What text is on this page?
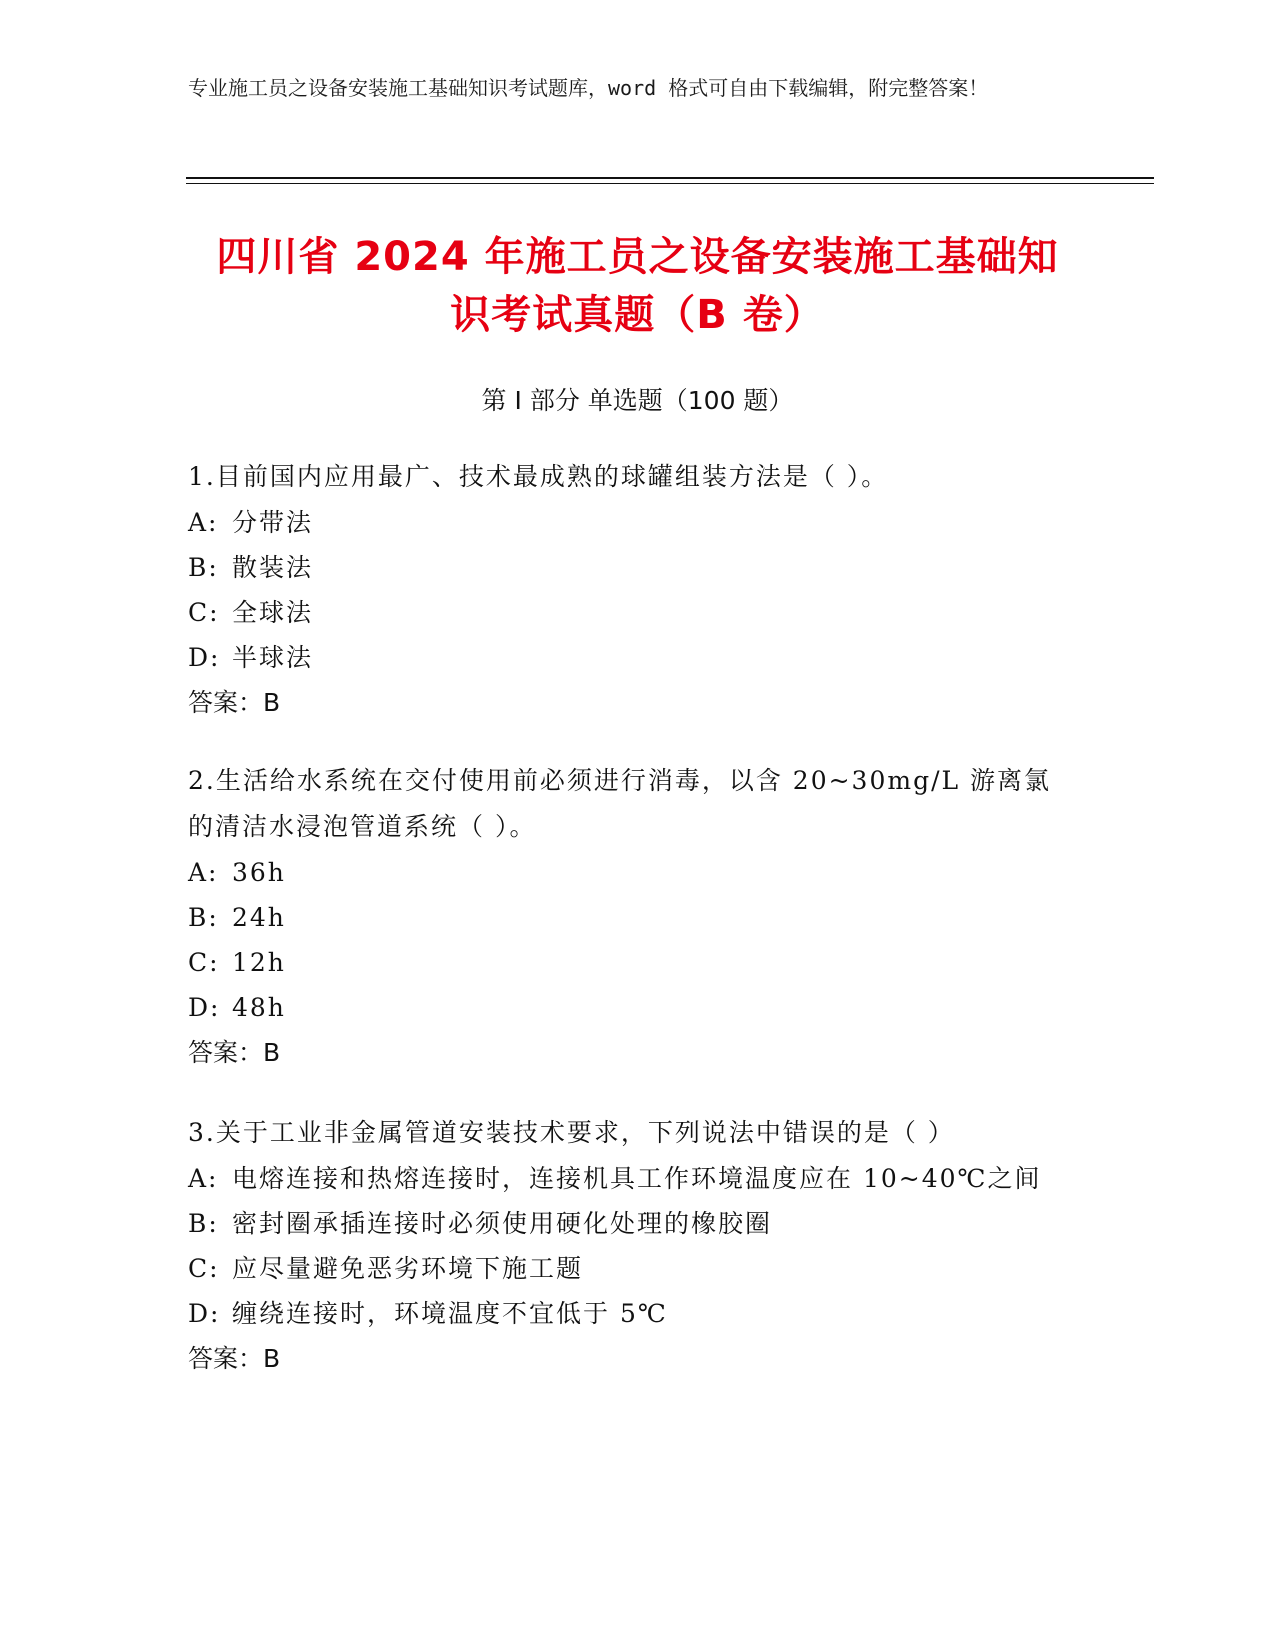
专业施工员之设备安装施工基础知识考试题库，word 格式可自由下载编辑，附完整答案！
四川省 2024 年施工员之设备安装施工基础知
识考试真题（B 卷）
第 I 部分 单选题（100 题）

1.目前国内应用最广、技术最成熟的球罐组装方法是（ ）。

A: 分带法

B: 散装法

C: 全球法

D: 半球法

答案： B

2.生活给水系统在交付使用前必须进行消毒，以含 20~30mg/L 游离氯的清洁水浸泡管道系统（ ）。

A: 36h

B: 24h

C: 12h

D: 48h

答案： B

3.关于工业非金属管道安装技术要求，下列说法中错误的是（ ）

A: 电熔连接和热熔连接时，连接机具工作环境温度应在 10~40℃之间

B: 密封圈承插连接时必须使用硬化处理的橡胶圈

C: 应尽量避免恶劣环境下施工题

D: 缠绕连接时，环境温度不宜低于 5℃

答案： B
